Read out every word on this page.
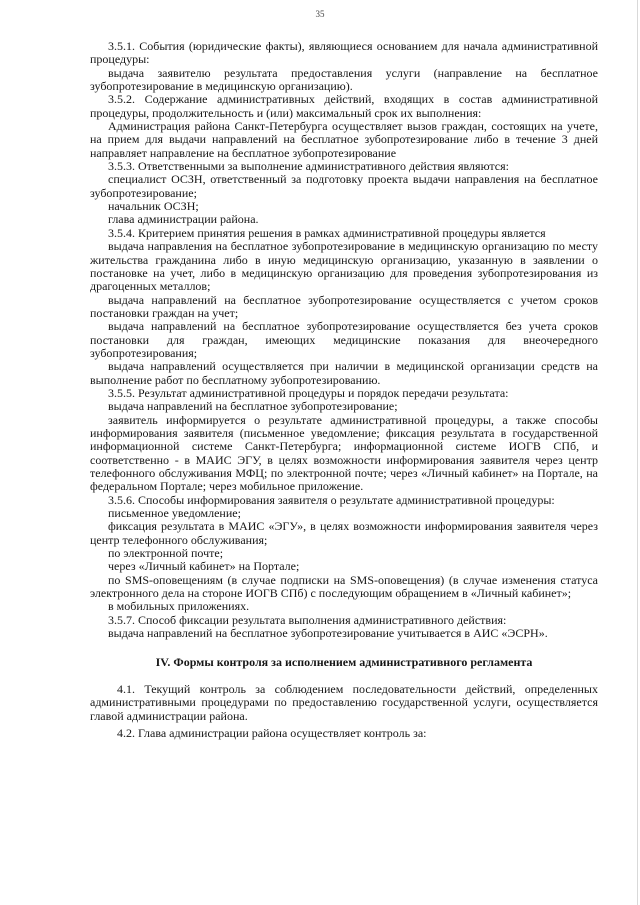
35

3.5.1. События (юридические факты), являющиеся основанием для начала административной процедуры:

выдача заявителю результата предоставления услуги (направление на бесплатное зубопротезирование в медицинскую организацию).

3.5.2. Содержание административных действий, входящих в состав административной процедуры, продолжительность и (или) максимальный срок их выполнения:

Администрация района Санкт-Петербурга осуществляет вызов граждан, состоящих на учете, на прием для выдачи направлений на бесплатное зубопротезирование либо в течение 3 дней направляет направление на бесплатное зубопротезирование

3.5.3. Ответственными за выполнение административного действия являются:

специалист ОСЗН, ответственный за подготовку проекта выдачи направления на бесплатное зубопротезирование;

начальник ОСЗН;

глава администрации района.

3.5.4. Критерием принятия решения в рамках административной процедуры является

выдача направления на бесплатное зубопротезирование в медицинскую организацию по месту жительства гражданина либо в иную медицинскую организацию, указанную в заявлении о постановке на учет, либо в медицинскую организацию для проведения зубопротезирования из драгоценных металлов;

выдача направлений на бесплатное зубопротезирование осуществляется с учетом сроков постановки граждан на учет;

выдача направлений на бесплатное зубопротезирование осуществляется без учета сроков постановки для граждан, имеющих медицинские показания для внеочередного зубопротезирования;

выдача направлений осуществляется при наличии в медицинской организации средств на выполнение работ по бесплатному зубопротезированию.

3.5.5. Результат административной процедуры и порядок передачи результата:

выдача направлений на бесплатное зубопротезирование;

заявитель информируется о результате административной процедуры, а также способы информирования заявителя (письменное уведомление; фиксация результата в государственной информационной системе Санкт-Петербурга; информационной системе ИОГВ СПб, и соответственно - в МАИС ЭГУ, в целях возможности информирования заявителя через центр телефонного обслуживания МФЦ; по электронной почте; через «Личный кабинет» на Портале, на федеральном Портале; через мобильное приложение.

3.5.6. Способы информирования заявителя о результате административной процедуры:

письменное уведомление;

фиксация результата в МАИС «ЭГУ», в целях возможности информирования заявителя через центр телефонного обслуживания;

по электронной почте;

через «Личный кабинет» на Портале;

по SMS-оповещениям (в случае подписки на SMS-оповещения) (в случае изменения статуса электронного дела на стороне ИОГВ СПб) с последующим обращением в «Личный кабинет»;

в мобильных приложениях.

3.5.7. Способ фиксации результата выполнения административного действия:

выдача направлений на бесплатное зубопротезирование учитывается в АИС «ЭСРН».

IV. Формы контроля за исполнением административного регламента

4.1. Текущий контроль за соблюдением последовательности действий, определенных административными процедурами по предоставлению государственной услуги, осуществляется главой администрации района.

4.2. Глава администрации района осуществляет контроль за:
